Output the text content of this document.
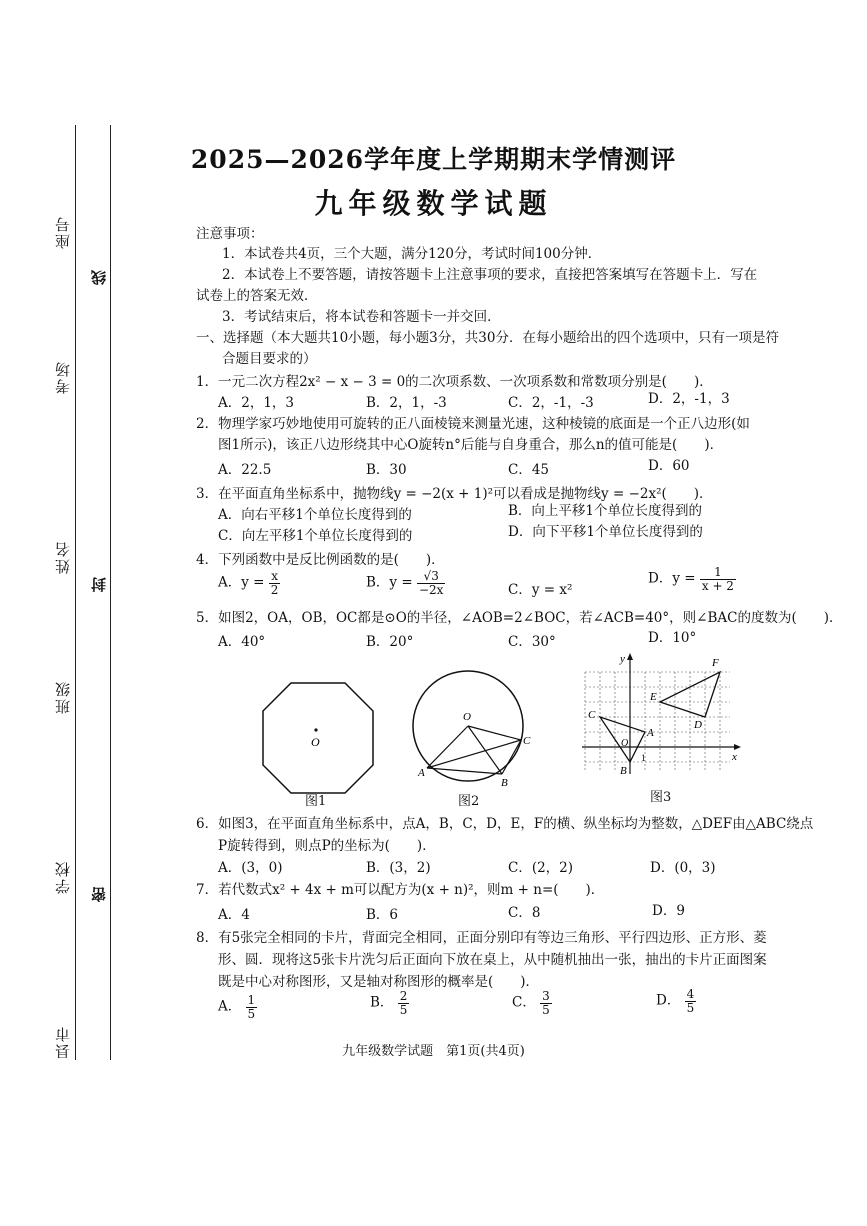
座号
考场
姓名
班级
学校
县市
线
封
密
2025—2026学年度上学期期末学情测评
九年级数学试题
注意事项：
1．本试卷共4页，三个大题，满分120分，考试时间100分钟．
2．本试卷上不要答题，请按答题卡上注意事项的要求，直接把答案填写在答题卡上．写在
试卷上的答案无效．
3．考试结束后，将本试卷和答题卡一并交回．
一、选择题（本大题共10小题，每小题3分，共30分．在每小题给出的四个选项中，只有一项是符
合题目要求的）
1．一元二次方程2x² − x − 3 = 0的二次项系数、一次项系数和常数项分别是(　　)．
A．2，1，3	B．2，1，-3	C．2，-1，-3	D．2，-1，3
2．物理学家巧妙地使用可旋转的正八面棱镜来测量光速，这种棱镜的底面是一个正八边形(如
图1所示)，该正八边形绕其中心O旋转n°后能与自身重合，那么n的值可能是(　　)．
A．22.5	B．30	C．45	D．60
3．在平面直角坐标系中，抛物线y = −2(x + 1)²可以看成是抛物线y = −2x²(　　)．
A．向右平移1个单位长度得到的	B．向上平移1个单位长度得到的
C．向左平移1个单位长度得到的	D．向下平移1个单位长度得到的
4．下列函数中是反比例函数的是(　　)．
A．$y = \frac{x}{2}$	B．$y = \frac{√3}{-2x}$	C．y = x²
D．$y = \frac{1}{x + 2}$
5．如图2，OA，OB，OC都是⊙O的半径，∠AOB=2∠BOC，若∠ACB=40°，则∠BAC的度数为(　　)．
A．40°	B．20°	C．30°	D．10°
O
图1
O
A
B
C
图2
y
x
O
A
B
C
D
E
F
1
图3
6．如图3，在平面直角坐标系中，点A，B，C，D，E，F的横、纵坐标均为整数，△DEF由△ABC绕点
P旋转得到，则点P的坐标为(　　)．
A．(3，0)	B．(3，2)	C．(2，2)	D．(0，3)
7．若代数式x² + 4x + m可以配方为(x + n)²，则m + n=(　　)．
A．4	B．6	C．8	D．9
8．有5张完全相同的卡片，背面完全相同，正面分别印有等边三角形、平行四边形、正方形、菱
形、圆．现将这5张卡片洗匀后正面向下放在桌上，从中随机抽出一张，抽出的卡片正面图案
既是中心对称图形，又是轴对称图形的概率是(　　)．
A． $\frac{1}{5}$	B． $\frac{2}{5}$	C． $\frac{3}{5}$	D． $\frac{4}{5}$
九年级数学试题　第1页(共4页)
